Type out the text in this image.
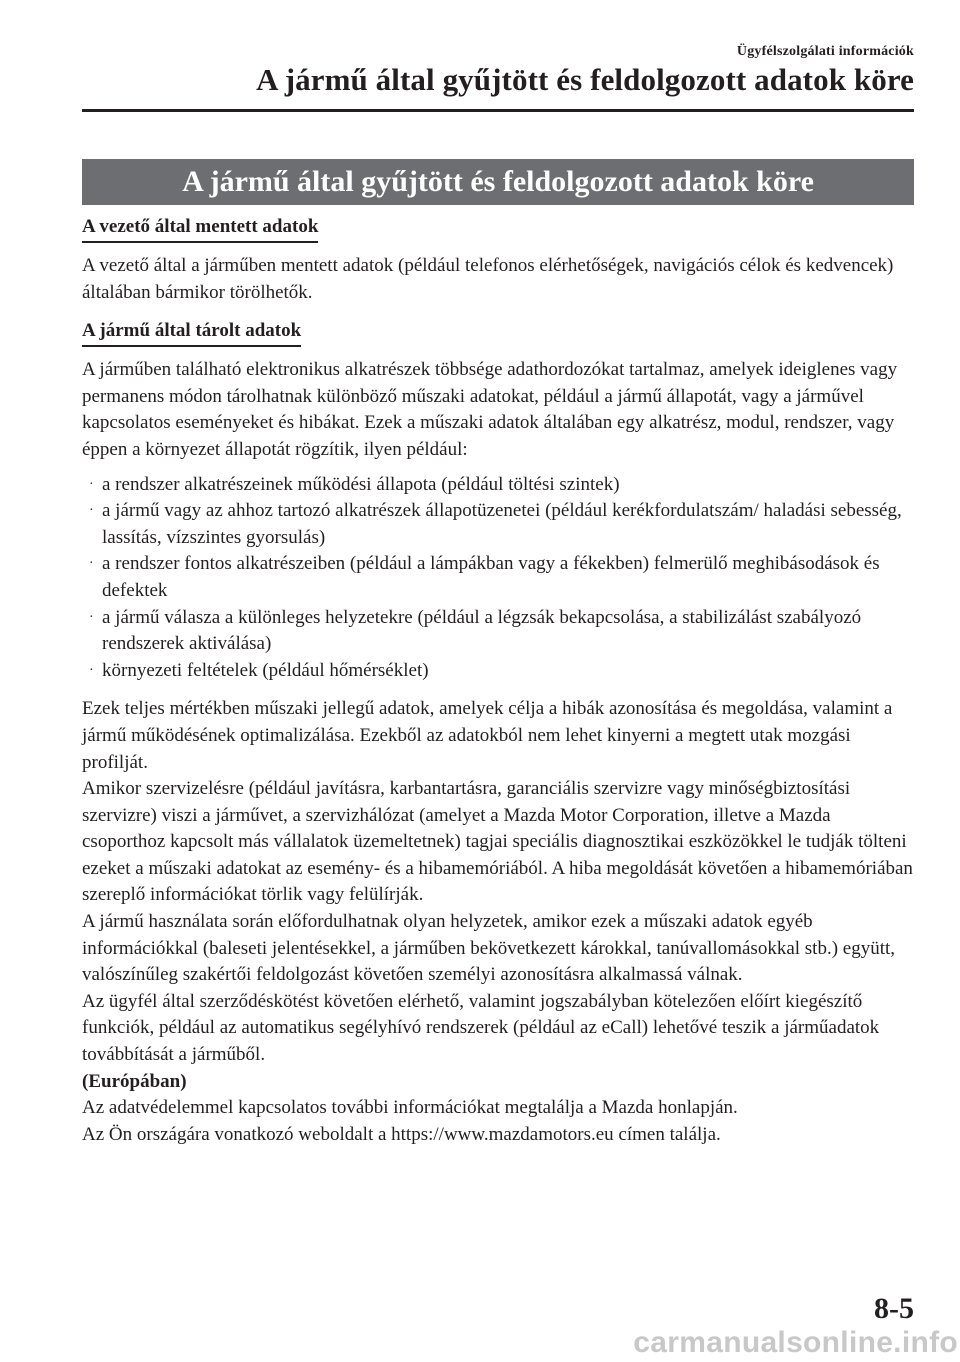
Ügyfélszolgálati információk
A jármű által gyűjtött és feldolgozott adatok köre
A jármű által gyűjtött és feldolgozott adatok köre
A vezető által mentett adatok

A vezető által a járműben mentett adatok (például telefonos elérhetőségek, navigációs célok és kedvencek) általában bármikor törölhetők.

A jármű által tárolt adatok

A járműben található elektronikus alkatrészek többsége adathordozókat tartalmaz, amelyek ideiglenes vagy permanens módon tárolhatnak különböző műszaki adatokat, például a jármű állapotát, vagy a járművel kapcsolatos eseményeket és hibákat. Ezek a műszaki adatok általában egy alkatrész, modul, rendszer, vagy éppen a környezet állapotát rögzítik, ilyen például:

· a rendszer alkatrészeinek működési állapota (például töltési szintek)
· a jármű vagy az ahhoz tartozó alkatrészek állapotüzenetei (például kerékfordulatszám/ haladási sebesség, lassítás, vízszintes gyorsulás)
· a rendszer fontos alkatrészeiben (például a lámpákban vagy a fékekben) felmerülő meghibásodások és defektek
· a jármű válasza a különleges helyzetekre (például a légzsák bekapcsolása, a stabilizálást szabályozó rendszerek aktiválása)
· környezeti feltételek (például hőmérséklet)

Ezek teljes mértékben műszaki jellegű adatok, amelyek célja a hibák azonosítása és megoldása, valamint a jármű működésének optimalizálása. Ezekből az adatokból nem lehet kinyerni a megtett utak mozgási profilját.

Amikor szervizelésre (például javításra, karbantartásra, garanciális szervizre vagy minőségbiztosítási szervizre) viszi a járművet, a szervizhálózat (amelyet a Mazda Motor Corporation, illetve a Mazda csoporthoz kapcsolt más vállalatok üzemeltetnek) tagjai speciális diagnosztikai eszközökkel le tudják tölteni ezeket a műszaki adatokat az esemény- és a hibamemóriából. A hiba megoldását követően a hibamemóriában szereplő információkat törlik vagy felülírják.

A jármű használata során előfordulhatnak olyan helyzetek, amikor ezek a műszaki adatok egyéb információkkal (baleseti jelentésekkel, a járműben bekövetkezett károkkal, tanúvallomásokkal stb.) együtt, valószínűleg szakértői feldolgozást követően személyi azonosításra alkalmassá válnak.

Az ügyfél által szerződéskötést követően elérhető, valamint jogszabályban kötelezően előírt kiegészítő funkciók, például az automatikus segélyhívó rendszerek (például az eCall) lehetővé teszik a járműadatok továbbítását a járműből.

(Európában)

Az adatvédelemmel kapcsolatos további információkat megtalálja a Mazda honlapján.

Az Ön országára vonatkozó weboldalt a https://www.mazdamotors.eu címen találja.

8-5
carmanualsonline.info
